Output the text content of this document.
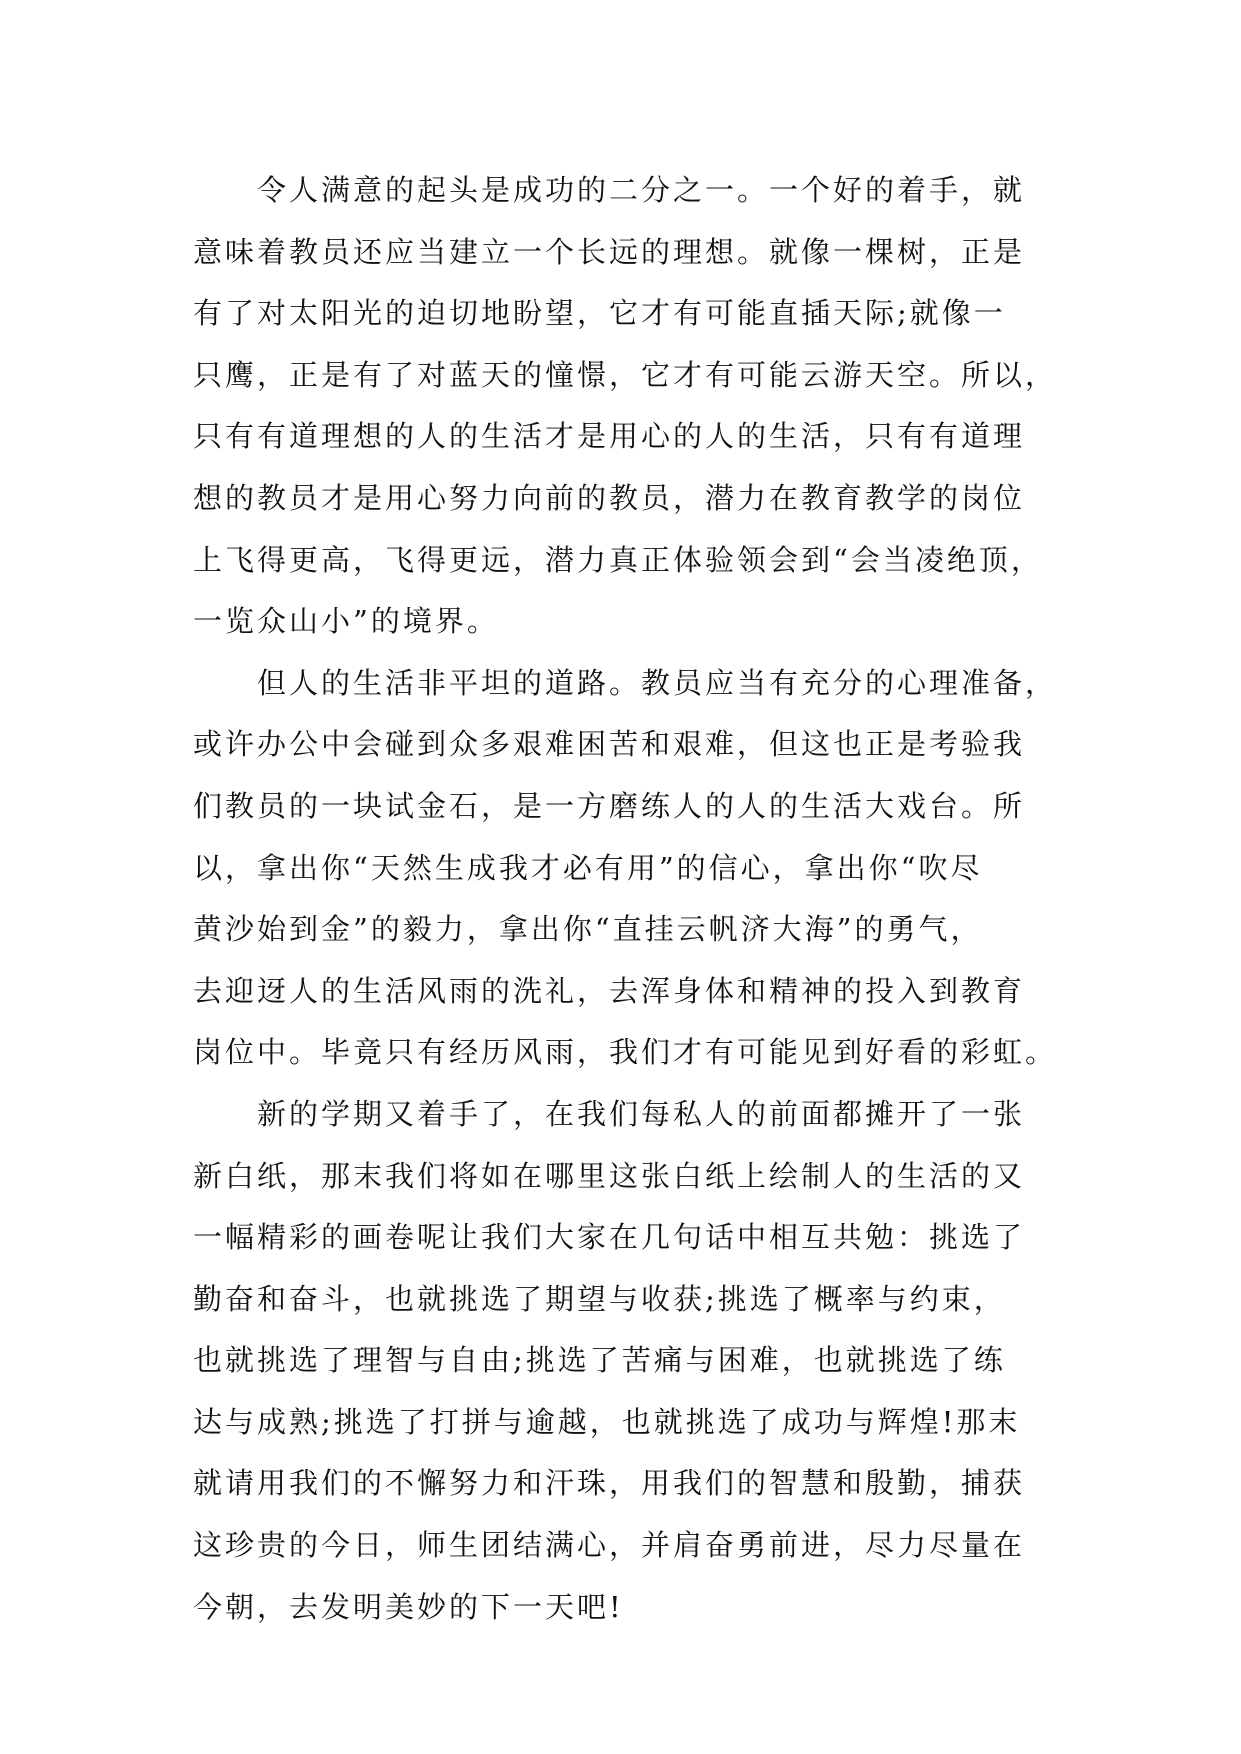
令人满意的起头是成功的二分之一。一个好的着手，就
意味着教员还应当建立一个长远的理想。就像一棵树，正是
有了对太阳光的迫切地盼望，它才有可能直插天际;就像一
只鹰，正是有了对蓝天的憧憬，它才有可能云游天空。所以，
只有有道理想的人的生活才是用心的人的生活，只有有道理
想的教员才是用心努力向前的教员，潜力在教育教学的岗位
上飞得更高，飞得更远，潜力真正体验领会到“会当凌绝顶，
一览众山小”的境界。
但人的生活非平坦的道路。教员应当有充分的心理准备，
或许办公中会碰到众多艰难困苦和艰难，但这也正是考验我
们教员的一块试金石，是一方磨练人的人的生活大戏台。所
以，拿出你“天然生成我才必有用”的信心，拿出你“吹尽
黄沙始到金”的毅力，拿出你“直挂云帆济大海”的勇气，
去迎迓人的生活风雨的洗礼，去浑身体和精神的投入到教育
岗位中。毕竟只有经历风雨，我们才有可能见到好看的彩虹。
新的学期又着手了，在我们每私人的前面都摊开了一张
新白纸，那末我们将如在哪里这张白纸上绘制人的生活的又
一幅精彩的画卷呢让我们大家在几句话中相互共勉：挑选了
勤奋和奋斗，也就挑选了期望与收获;挑选了概率与约束，
也就挑选了理智与自由;挑选了苦痛与困难，也就挑选了练
达与成熟;挑选了打拼与逾越，也就挑选了成功与辉煌!那末
就请用我们的不懈努力和汗珠，用我们的智慧和殷勤，捕获
这珍贵的今日，师生团结满心，并肩奋勇前进，尽力尽量在
今朝，去发明美妙的下一天吧!
